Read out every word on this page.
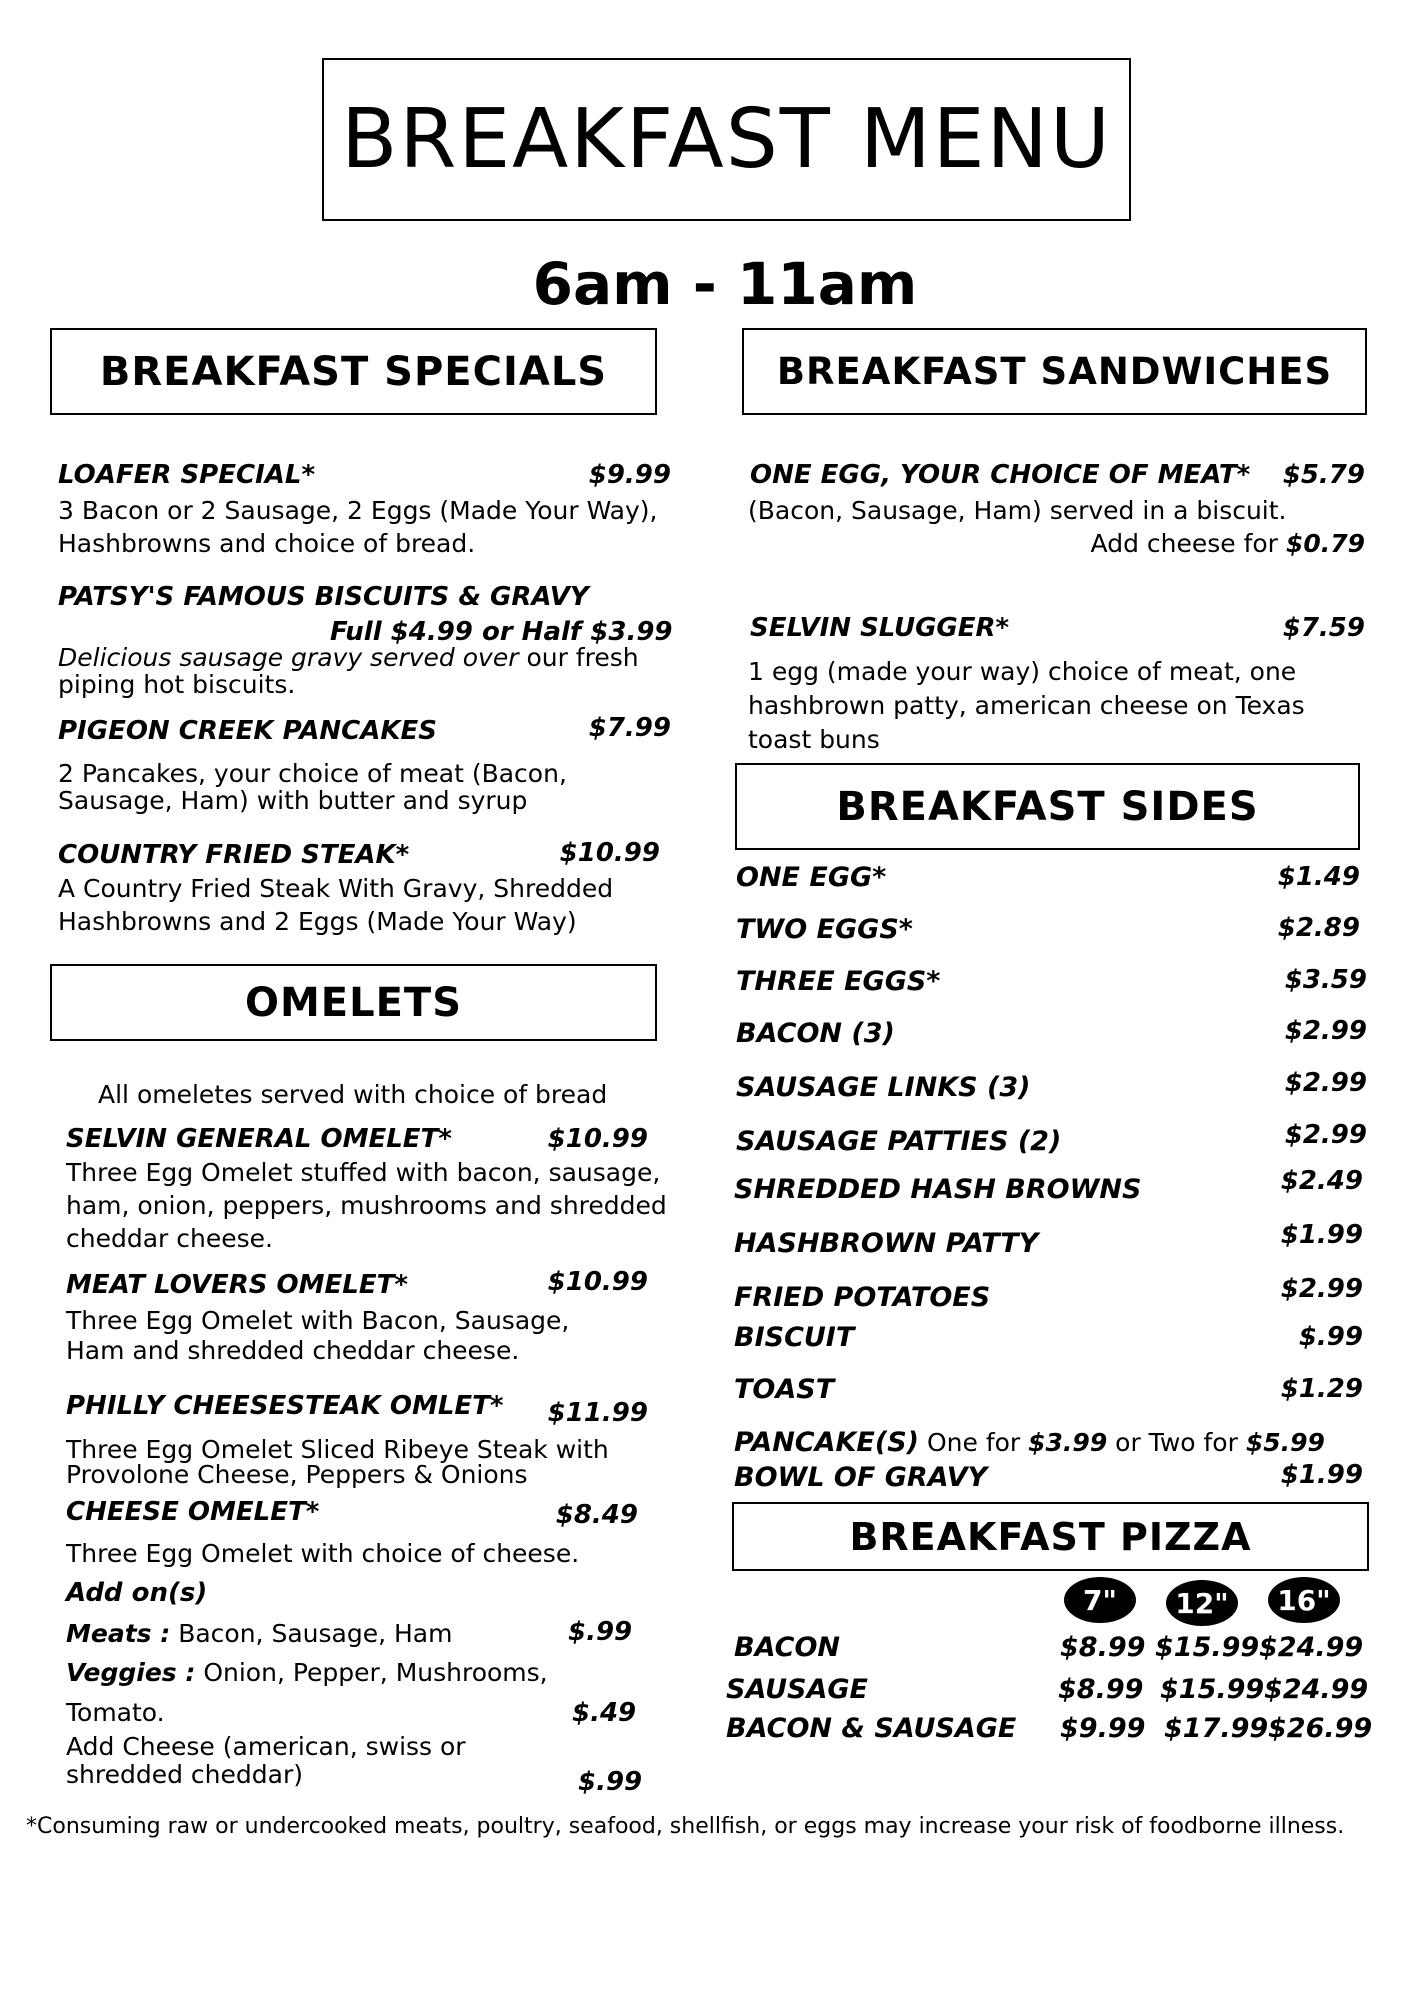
BREAKFAST MENU
6am - 11am
BREAKFAST SPECIALS
LOAFER SPECIAL*	$9.99
3 Bacon or 2 Sausage, 2 Eggs (Made Your Way), Hashbrowns and choice of bread.
PATSY'S FAMOUS BISCUITS & GRAVY
Full $4.99 or Half $3.99
Delicious sausage gravy served over our fresh piping hot biscuits.
PIGEON CREEK PANCAKES	$7.99
2 Pancakes, your choice of meat (Bacon, Sausage, Ham) with butter and syrup
COUNTRY FRIED STEAK*	$10.99
A Country Fried Steak With Gravy, Shredded Hashbrowns and 2 Eggs (Made Your Way)
OMELETS
All omeletes served with choice of bread
SELVIN GENERAL OMELET*	$10.99
Three Egg Omelet stuffed with bacon, sausage, ham, onion, peppers, mushrooms and shredded cheddar cheese.
MEAT LOVERS OMELET*	$10.99
Three Egg Omelet with Bacon, Sausage, Ham and shredded cheddar cheese.
PHILLY CHEESESTEAK OMLET*	$11.99
Three Egg Omelet Sliced Ribeye Steak with Provolone Cheese, Peppers & Onions
CHEESE OMELET*	$8.49
Three Egg Omelet with choice of cheese.
Add on(s)
Meats : Bacon, Sausage, Ham	$.99
Veggies : Onion, Pepper, Mushrooms,
Tomato.	$.49
Add Cheese (american, swiss or shredded cheddar)	$.99
BREAKFAST SANDWICHES
ONE EGG, YOUR CHOICE OF MEAT*	$5.79
(Bacon, Sausage, Ham) served in a biscuit.
Add cheese for $0.79
SELVIN SLUGGER*	$7.59
1 egg (made your way) choice of meat, one hashbrown patty, american cheese on Texas toast buns
BREAKFAST SIDES
ONE EGG*	$1.49
TWO EGGS*	$2.89
THREE EGGS*	$3.59
BACON (3)	$2.99
SAUSAGE LINKS (3)	$2.99
SAUSAGE PATTIES (2)	$2.99
SHREDDED HASH BROWNS	$2.49
HASHBROWN PATTY	$1.99
FRIED POTATOES	$2.99
BISCUIT	$.99
TOAST	$1.29
PANCAKE(S) One for $3.99 or Two for $5.99
BOWL OF GRAVY	$1.99
BREAKFAST PIZZA
7"	12"	16"
BACON	$8.99 $15.99 $24.99
SAUSAGE	$8.99 $15.99 $24.99
BACON & SAUSAGE $9.99 $17.99 $26.99
*Consuming raw or undercooked meats, poultry, seafood, shellfish, or eggs may increase your risk of foodborne illness.
